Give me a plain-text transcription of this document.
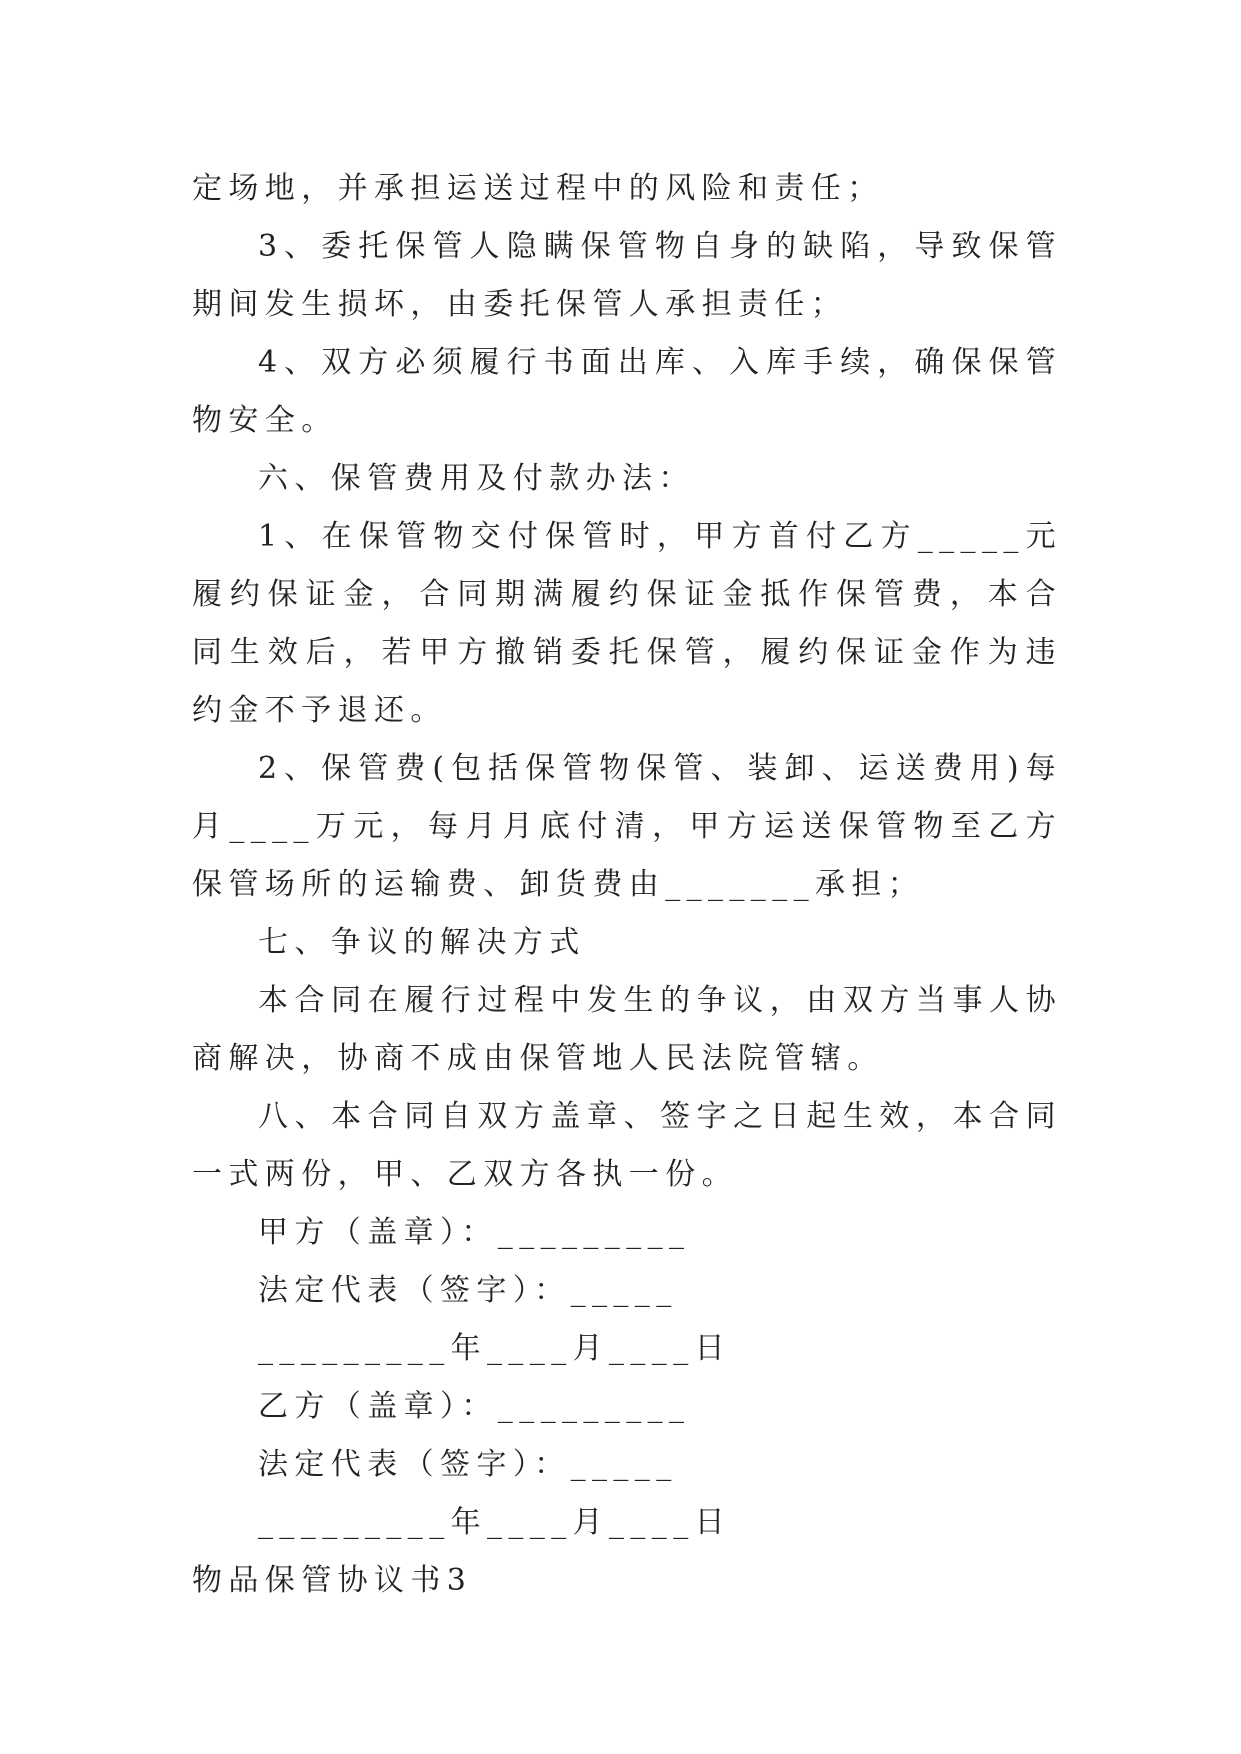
定场地，并承担运送过程中的风险和责任；

3、委托保管人隐瞒保管物自身的缺陷，导致保管期间发生损坏，由委托保管人承担责任；

4、双方必须履行书面出库、入库手续，确保保管物安全。

六、保管费用及付款办法：

1、在保管物交付保管时，甲方首付乙方_____元履约保证金，合同期满履约保证金抵作保管费，本合同生效后，若甲方撤销委托保管，履约保证金作为违约金不予退还。

2、保管费(包括保管物保管、装卸、运送费用)每月____万元，每月月底付清，甲方运送保管物至乙方保管场所的运输费、卸货费由_______承担；

七、争议的解决方式

本合同在履行过程中发生的争议，由双方当事人协商解决，协商不成由保管地人民法院管辖。

八、本合同自双方盖章、签字之日起生效，本合同一式两份，甲、乙双方各执一份。

甲方（盖章）：_________

法定代表（签字）：_____

_________年____月____日

乙方（盖章）：_________

法定代表（签字）：_____

_________年____月____日

物品保管协议书3
